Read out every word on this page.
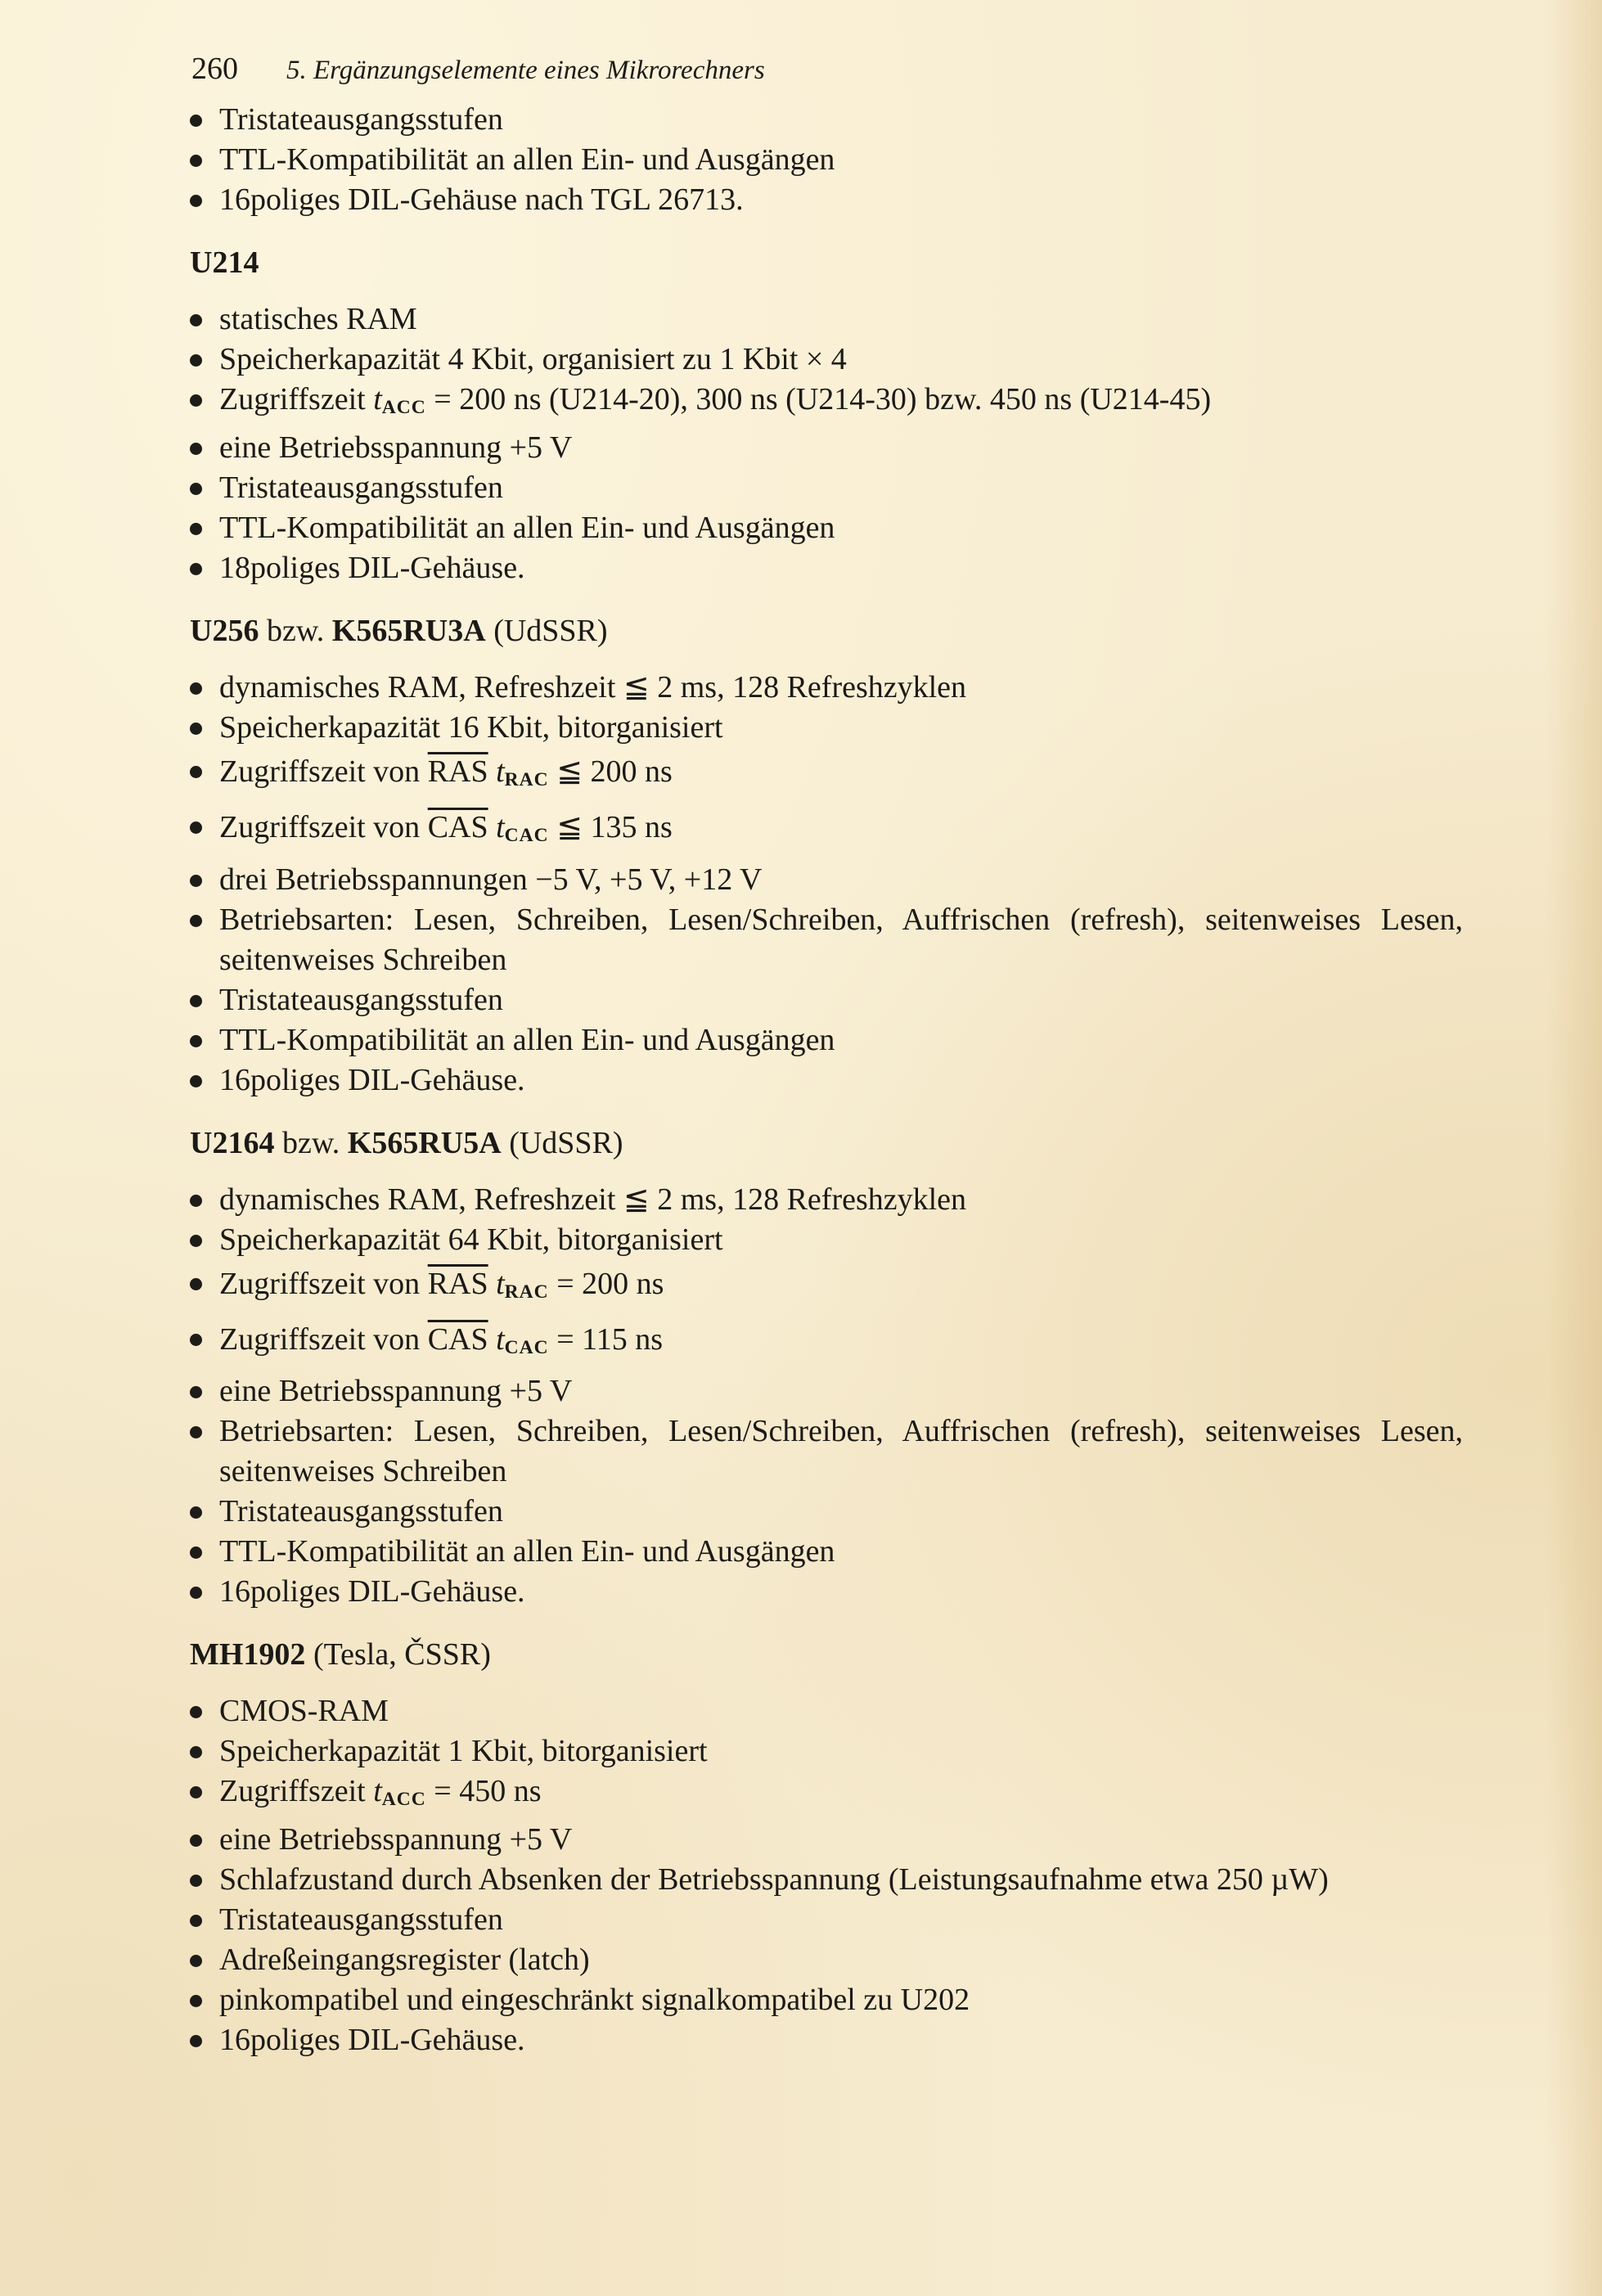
260	5. Ergänzungselemente eines Mikrorechners
Tristateausgangsstufen
TTL-Kompatibilität an allen Ein- und Ausgängen
16poliges DIL-Gehäuse nach TGL 26713.
U214
statisches RAM
Speicherkapazität 4 Kbit, organisiert zu 1 Kbit × 4
Zugriffszeit $t_{ACC} = 200$ ns (U214-20), 300 ns (U214-30) bzw. 450 ns (U214-45)
eine Betriebsspannung +5 V
Tristateausgangsstufen
TTL-Kompatibilität an allen Ein- und Ausgängen
18poliges DIL-Gehäuse.
U256 bzw. K565RU3A (UdSSR)
dynamisches RAM, Refreshzeit ≦ 2 ms, 128 Refreshzyklen
Speicherkapazität 16 Kbit, bitorganisiert
Zugriffszeit von $\overline{RAS}$ $t_{RAC}$ ≦ 200 ns
Zugriffszeit von $\overline{CAS}$ $t_{CAC}$ ≦ 135 ns
drei Betriebsspannungen −5 V, +5 V, +12 V
Betriebsarten: Lesen, Schreiben, Lesen/Schreiben, Auffrischen (refresh), seitenweises Lesen, seitenweises Schreiben
Tristateausgangsstufen
TTL-Kompatibilität an allen Ein- und Ausgängen
16poliges DIL-Gehäuse.
U2164 bzw. K565RU5A (UdSSR)
dynamisches RAM, Refreshzeit ≦ 2 ms, 128 Refreshzyklen
Speicherkapazität 64 Kbit, bitorganisiert
Zugriffszeit von $\overline{RAS}$ $t_{RAC} = 200$ ns
Zugriffszeit von $\overline{CAS}$ $t_{CAC} = 115$ ns
eine Betriebsspannung +5 V
Betriebsarten: Lesen, Schreiben, Lesen/Schreiben, Auffrischen (refresh), seitenweises Lesen, seitenweises Schreiben
Tristateausgangsstufen
TTL-Kompatibilität an allen Ein- und Ausgängen
16poliges DIL-Gehäuse.
MH1902 (Tesla, ČSSR)
CMOS-RAM
Speicherkapazität 1 Kbit, bitorganisiert
Zugriffszeit $t_{ACC} = 450$ ns
eine Betriebsspannung +5 V
Schlafzustand durch Absenken der Betriebsspannung (Leistungsaufnahme etwa 250 µW)
Tristateausgangsstufen
Adreßeingangsregister (latch)
pinkompatibel und eingeschränkt signalkompatibel zu U202
16poliges DIL-Gehäuse.
